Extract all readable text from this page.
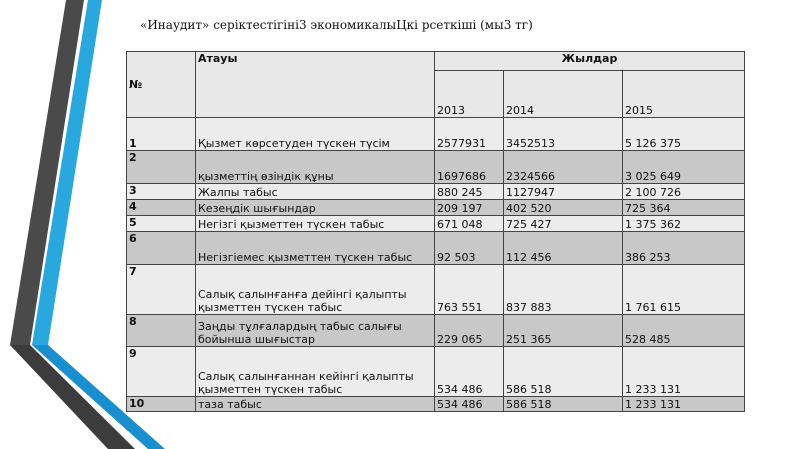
«Инаудит» серіктестігіні3 экономикалыЦкі рсеткіші (мы3 тг)
№	Атауы	Жылдар		
		2013	2014	2015
1	Қызмет көрсетуден түскен түсім	2577931	3452513	5 126 375
2	қызметтің өзіндік құны	1697686	2324566	3 025 649
3	Жалпы табыс	880 245	1127947	2 100 726
4	Кезеңдік шығындар	209 197	402 520	725 364
5	Негізгі қызметтен түскен табыс	671 048	725 427	1 375 362
6	Негізгіемес қызметтен түскен табыс	92 503	112 456	386 253
7	Салық салынғанға дейінгі қалыпты қызметтен түскен табыс	763 551	837 883	1 761 615
8	Заңды тұлғалардың табыс салығы бойынша шығыстар	229 065	251 365	528 485
9	Салық салынғаннан кейінгі қалыпты қызметтен түскен табыс	534 486	586 518	1 233 131
10	таза табыс	534 486	586 518	1 233 131
